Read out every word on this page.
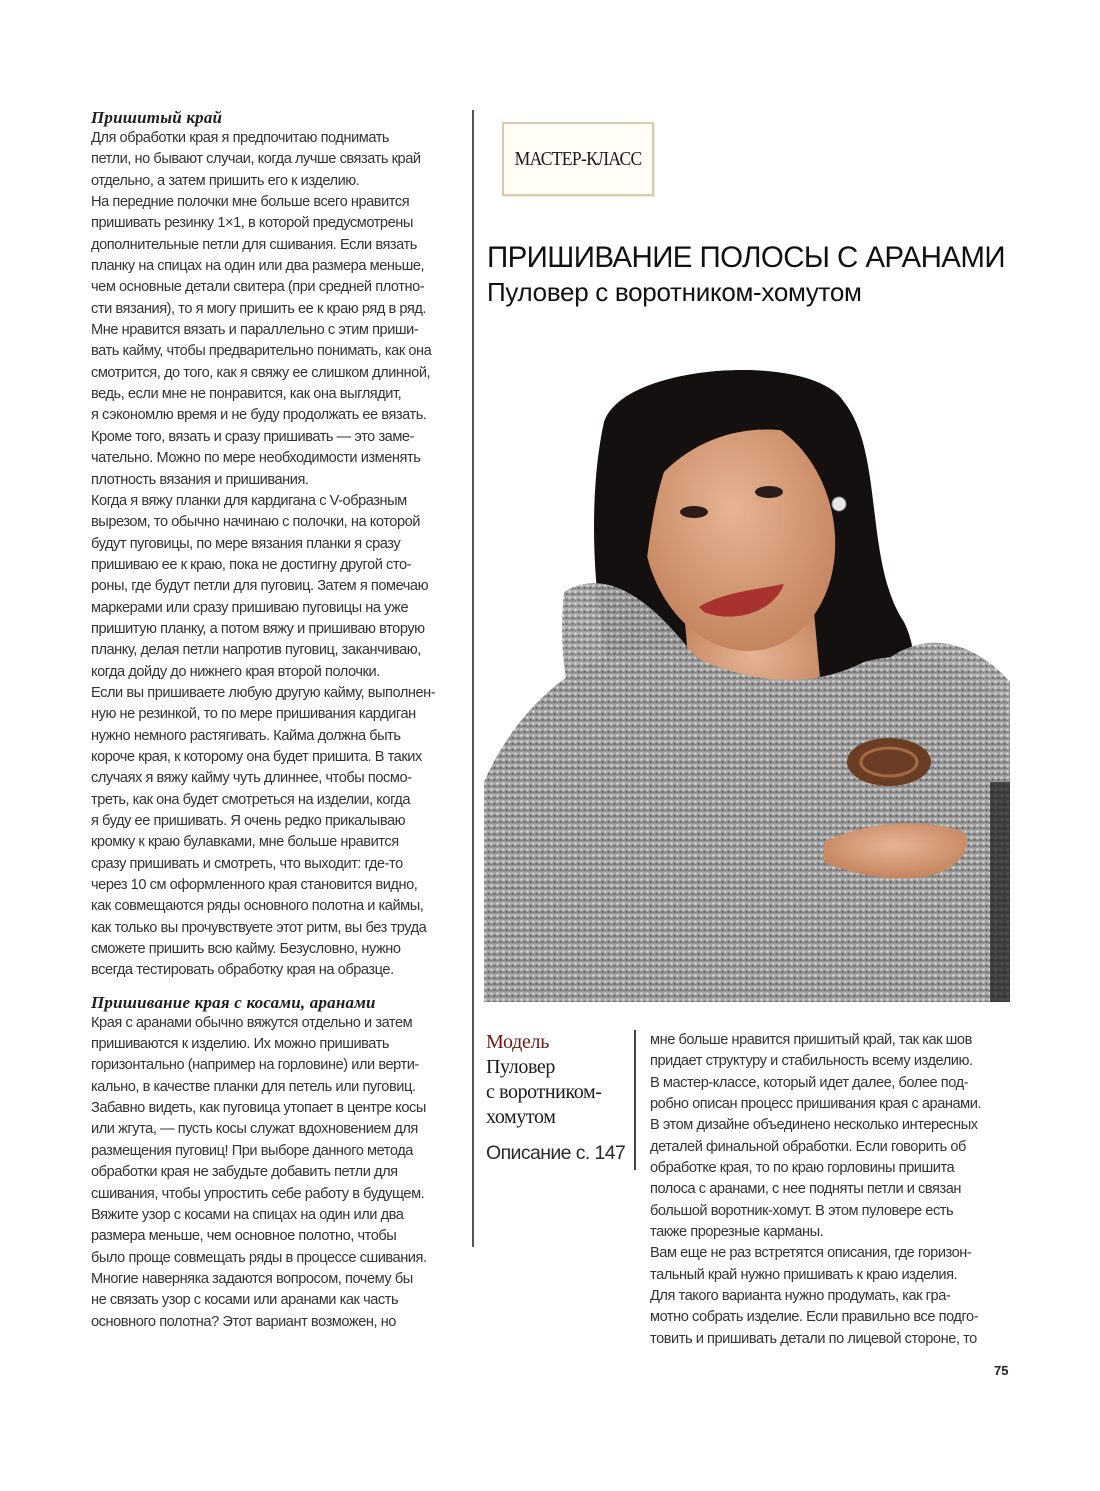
Пришитый край
Для обработки края я предпочитаю поднимать
петли, но бывают случаи, когда лучше связать край
отдельно, а затем пришить его к изделию.
На передние полочки мне больше всего нравится
пришивать резинку 1×1, в которой предусмотрены
дополнительные петли для сшивания. Если вязать
планку на спицах на один или два размера меньше,
чем основные детали свитера (при средней плотно-
сти вязания), то я могу пришить ее к краю ряд в ряд.
Мне нравится вязать и параллельно с этим приши-
вать кайму, чтобы предварительно понимать, как она
смотрится, до того, как я свяжу ее слишком длинной,
ведь, если мне не понравится, как она выглядит,
я сэкономлю время и не буду продолжать ее вязать.
Кроме того, вязать и сразу пришивать — это заме-
чательно. Можно по мере необходимости изменять
плотность вязания и пришивания.
Когда я вяжу планки для кардигана с V-образным
вырезом, то обычно начинаю с полочки, на которой
будут пуговицы, по мере вязания планки я сразу
пришиваю ее к краю, пока не достигну другой сто-
роны, где будут петли для пуговиц. Затем я помечаю
маркерами или сразу пришиваю пуговицы на уже
пришитую планку, а потом вяжу и пришиваю вторую
планку, делая петли напротив пуговиц, заканчиваю,
когда дойду до нижнего края второй полочки.
Если вы пришиваете любую другую кайму, выполнен-
ную не резинкой, то по мере пришивания кардиган
нужно немного растягивать. Кайма должна быть
короче края, к которому она будет пришита. В таких
случаях я вяжу кайму чуть длиннее, чтобы посмо-
треть, как она будет смотреться на изделии, когда
я буду ее пришивать. Я очень редко прикалываю
кромку к краю булавками, мне больше нравится
сразу пришивать и смотреть, что выходит: где-то
через 10 см оформленного края становится видно,
как совмещаются ряды основного полотна и каймы,
как только вы прочувствуете этот ритм, вы без труда
сможете пришить всю кайму. Безусловно, нужно
всегда тестировать обработку края на образце.
Пришивание края с косами, аранами
Края с аранами обычно вяжутся отдельно и затем
пришиваются к изделию. Их можно пришивать
горизонтально (например на горловине) или верти-
кально, в качестве планки для петель или пуговиц.
Забавно видеть, как пуговица утопает в центре косы
или жгута, — пусть косы служат вдохновением для
размещения пуговиц! При выборе данного метода
обработки края не забудьте добавить петли для
сшивания, чтобы упростить себе работу в будущем.
Вяжите узор с косами на спицах на один или два
размера меньше, чем основное полотно, чтобы
было проще совмещать ряды в процессе сшивания.
Многие наверняка задаются вопросом, почему бы
не связать узор с косами или аранами как часть
основного полотна? Этот вариант возможен, но
МАСТЕР-КЛАСС
ПРИШИВАНИЕ ПОЛОСЫ С АРАНАМИ
Пуловер с воротником-хомутом
Модель
Пуловер
с воротником-
хомутом
Описание с. 147
мне больше нравится пришитый край, так как шов
придает структуру и стабильность всему изделию.
В мастер-классе, который идет далее, более под-
робно описан процесс пришивания края с аранами.
В этом дизайне объединено несколько интересных
деталей финальной обработки. Если говорить об
обработке края, то по краю горловины пришита
полоса с аранами, с нее подняты петли и связан
большой воротник-хомут. В этом пуловере есть
также прорезные карманы.
Вам еще не раз встретятся описания, где горизон-
тальный край нужно пришивать к краю изделия.
Для такого варианта нужно продумать, как гра-
мотно собрать изделие. Если правильно все подго-
товить и пришивать детали по лицевой стороне, то
75
